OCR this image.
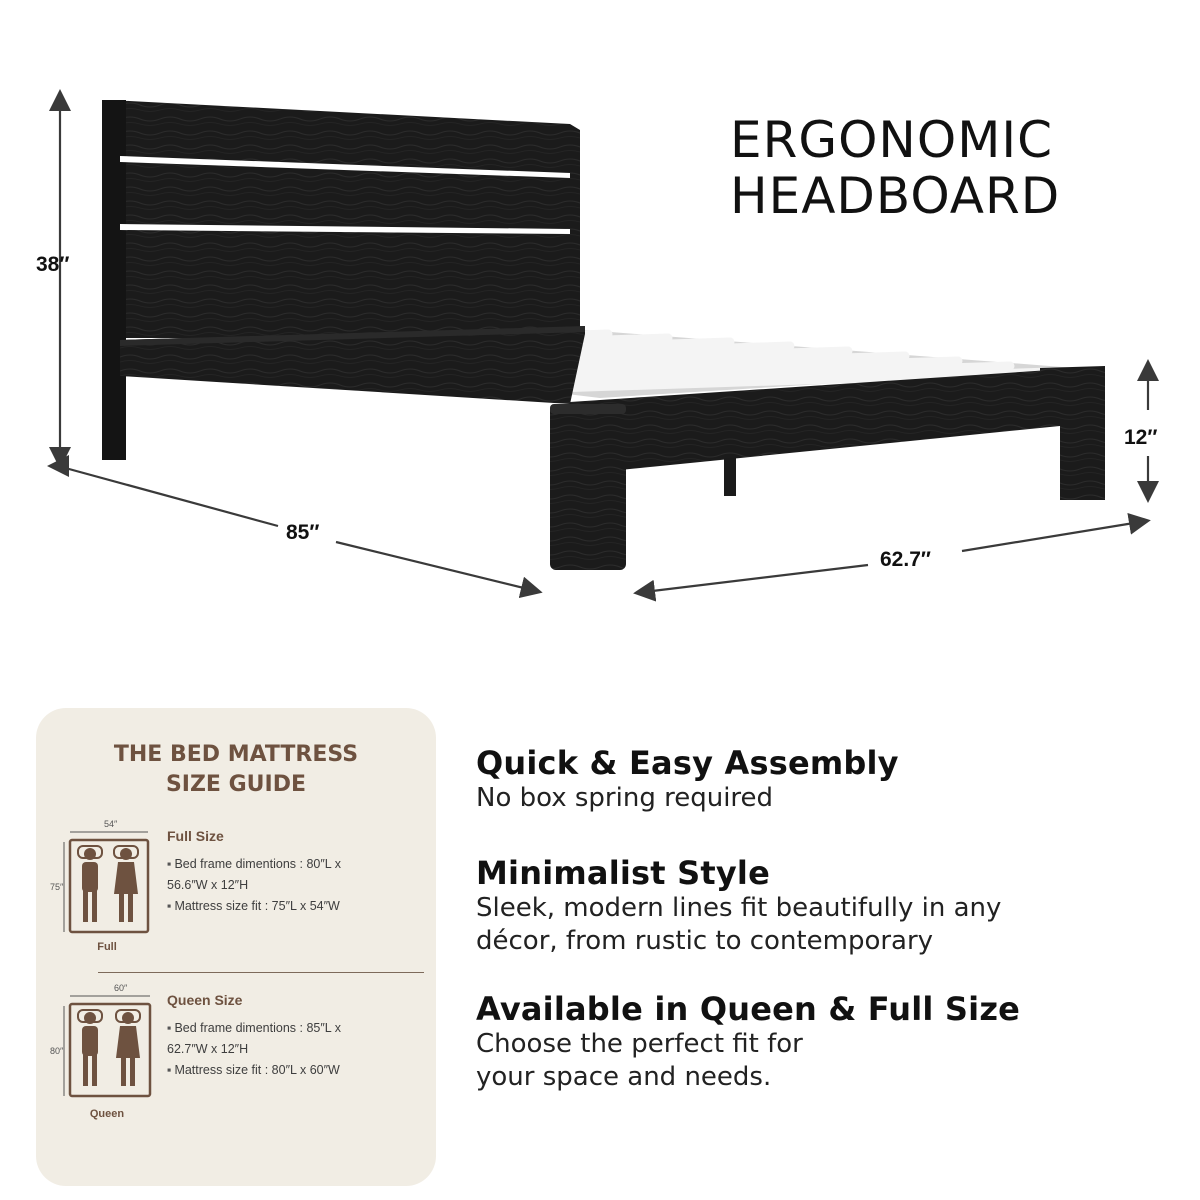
ERGONOMIC
HEADBOARD
38″
85″
62.7″
12″
THE BED MATTRESS
SIZE GUIDE
54″
75″
Full
Full Size
▪ Bed frame dimentions : 80″L x
56.6″W x 12″H
▪ Mattress size fit : 75″L x 54″W
60″
80″
Queen
Queen Size
▪ Bed frame dimentions : 85″L x
62.7″W x 12″H
▪ Mattress size fit : 80″L x 60″W
Quick & Easy Assembly
No box spring required
Minimalist Style
Sleek, modern lines fit beautifully in any
décor, from rustic to contemporary
Available in Queen & Full Size
Choose the perfect fit for
your space and needs.
